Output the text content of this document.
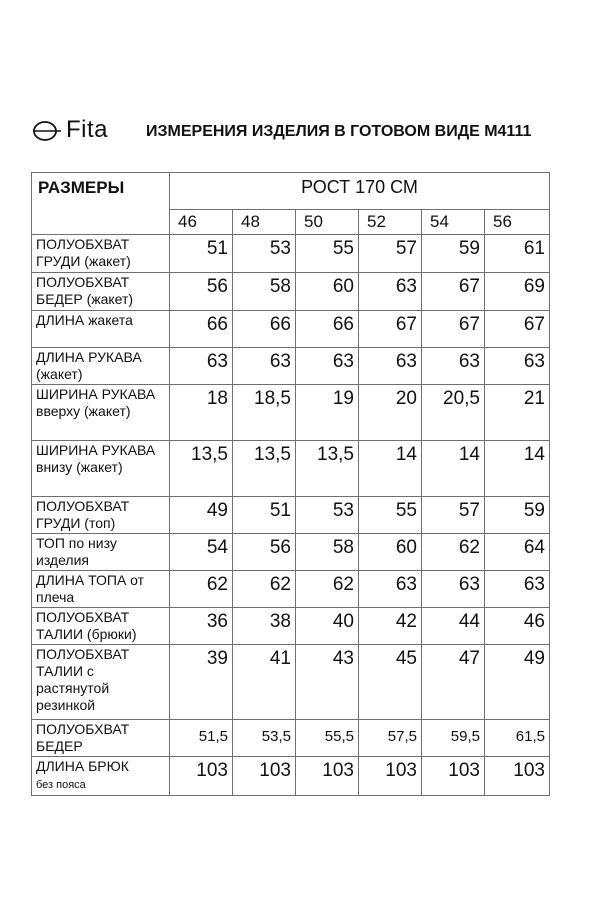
Fita ИЗМЕРЕНИЯ ИЗДЕЛИЯ В ГОТОВОМ ВИДЕ М4111
РАЗМЕРЫ	РОСТ 170 СМ					
	46	48	50	52	54	56
ПОЛУОБХВАТ ГРУДИ (жакет)	51	53	55	57	59	61
ПОЛУОБХВАТ БЕДЕР (жакет)	56	58	60	63	67	69
ДЛИНА жакета	66	66	66	67	67	67
ДЛИНА РУКАВА (жакет)	63	63	63	63	63	63
ШИРИНА РУКАВА вверху (жакет)	18	18,5	19	20	20,5	21
ШИРИНА РУКАВА внизу (жакет)	13,5	13,5	13,5	14	14	14
ПОЛУОБХВАТ ГРУДИ (топ)	49	51	53	55	57	59
ТОП по низу изделия	54	56	58	60	62	64
ДЛИНА ТОПА от плеча	62	62	62	63	63	63
ПОЛУОБХВАТ ТАЛИИ (брюки)	36	38	40	42	44	46
ПОЛУОБХВАТ ТАЛИИ с растянутой резинкой	39	41	43	45	47	49
ПОЛУОБХВАТ БЕДЕР	51,5	53,5	55,5	57,5	59,5	61,5
ДЛИНА БРЮК
без пояса	103	103	103	103	103	103
